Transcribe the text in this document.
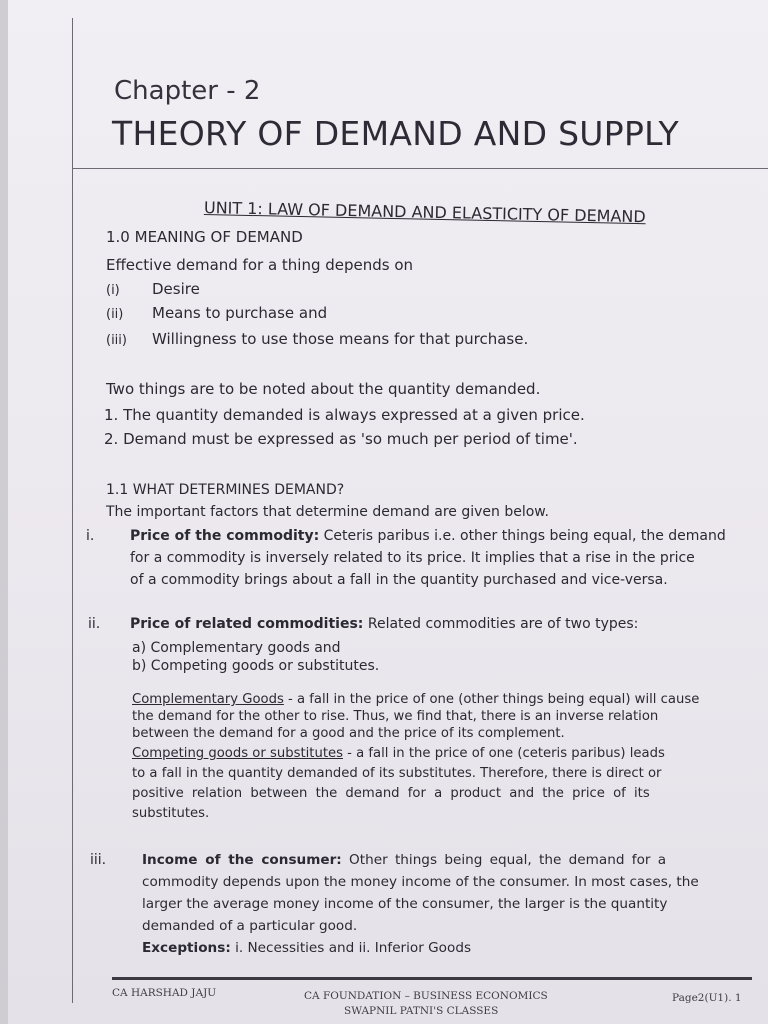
Chapter - 2
THEORY OF DEMAND AND SUPPLY
UNIT 1: LAW OF DEMAND AND ELASTICITY OF DEMAND
1.0 MEANING OF DEMAND
Effective demand for a thing depends on
(i) Desire
(ii) Means to purchase and
(iii) Willingness to use those means for that purchase.
Two things are to be noted about the quantity demanded.
1. The quantity demanded is always expressed at a given price.
2. Demand must be expressed as 'so much per period of time'.
1.1 WHAT DETERMINES DEMAND?
The important factors that determine demand are given below.
i.	Price of the commodity: Ceteris paribus i.e. other things being equal, the demand
for a commodity is inversely related to its price. It implies that a rise in the price
of a commodity brings about a fall in the quantity purchased and vice-versa.
ii. Price of related commodities: Related commodities are of two types:
a) Complementary goods and
b) Competing goods or substitutes.
Complementary Goods - a fall in the price of one (other things being equal) will cause
the demand for the other to rise. Thus, we find that, there is an inverse relation
between the demand for a good and the price of its complement.
Competing goods or substitutes - a fall in the price of one (ceteris paribus) leads
to a fall in the quantity demanded of its substitutes. Therefore, there is direct or
positive relation between the demand for a product and the price of its
substitutes.
iii.	Income of the consumer: Other things being equal, the demand for a
commodity depends upon the money income of the consumer. In most cases, the
larger the average money income of the consumer, the larger is the quantity
demanded of a particular good.
Exceptions: i. Necessities and ii. Inferior Goods
CA HARSHAD JAJU	CA FOUNDATION – BUSINESS ECONOMICS
SWAPNIL PATNI'S CLASSES
Page2(U1). 1
